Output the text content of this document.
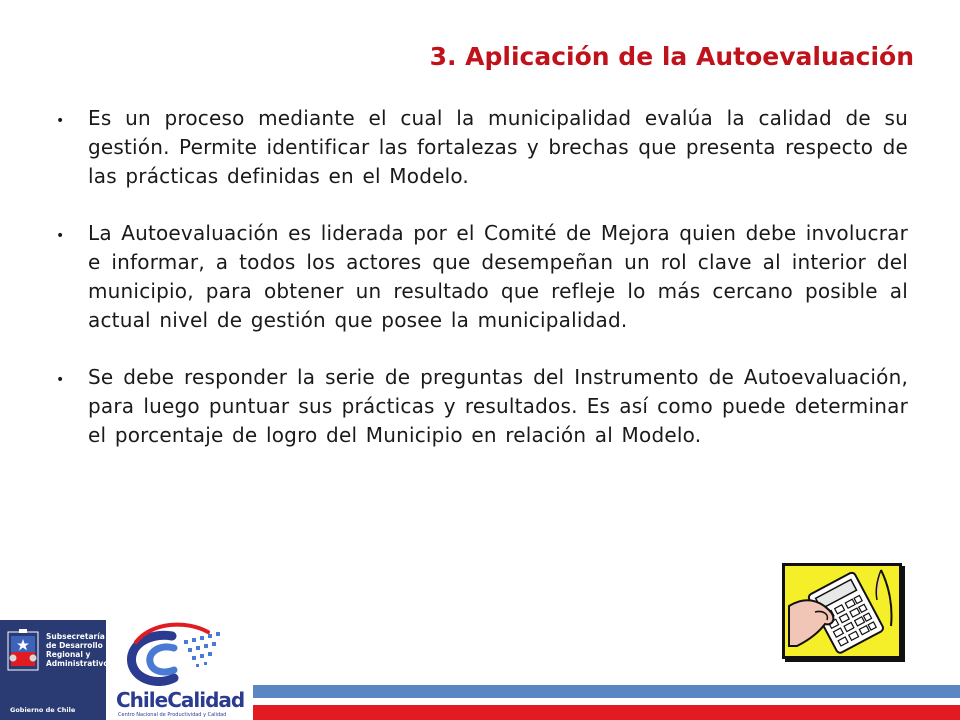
3. Aplicación de la Autoevaluación
• Es un proceso mediante el cual la municipalidad evalúa la calidad de su gestión. Permite identificar las fortalezas y brechas que presenta respecto de las prácticas definidas en el Modelo.
• La Autoevaluación es liderada por el Comité de Mejora quien debe involucrar e informar, a todos los actores que desempeñan un rol clave al interior del municipio, para obtener un resultado que refleje lo más cercano posible al actual nivel de gestión que posee la municipalidad.
• Se debe responder la serie de preguntas del Instrumento de Autoevaluación, para luego puntuar sus prácticas y resultados. Es así como puede determinar el porcentaje de logro del Municipio en relación al Modelo.
Subsecretaría
de Desarrollo
Regional y
Administrativo
Gobierno de Chile ChileCalidad
Centro Nacional de Productividad y Calidad
